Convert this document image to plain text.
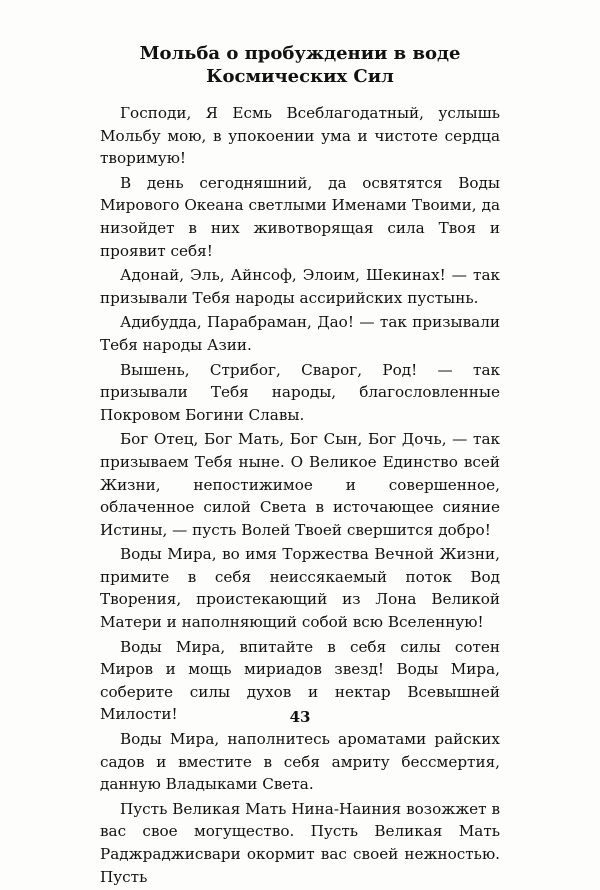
Мольба о пробуждении в воде
Космических Сил

Господи, Я Есмь Всеблагодатный, услышь Мольбу мою, в упокоении ума и чистоте сердца творимую!

В день сегодняшний, да освятятся Воды Мирового Океана светлыми Именами Твоими, да низойдет в них животворящая сила Твоя и проявит себя!

Адонай, Эль, Айнсоф, Элоим, Шекинах! — так призывали Тебя народы ассирийских пустынь.

Адибудда, Парабраман, Дао! — так призывали Тебя народы Азии.

Вышень, Стрибог, Сварог, Род! — так призывали Тебя народы, благословленные Покровом Богини Славы.

Бог Отец, Бог Мать, Бог Сын, Бог Дочь, — так призываем Тебя ныне. О Великое Единство всей Жизни, непостижимое и совершенное, облаченное силой Света в источающее сияние Истины, — пусть Волей Твоей свершится добро!

Воды Мира, во имя Торжества Вечной Жизни, примите в себя неиссякаемый поток Вод Творения, проистекающий из Лона Великой Матери и наполняющий собой всю Вселенную!

Воды Мира, впитайте в себя силы сотен Миров и мощь мириадов звезд! Воды Мира, соберите силы духов и нектар Всевышней Милости!

Воды Мира, наполнитесь ароматами райских садов и вместите в себя амриту бессмертия, данную Владыками Света.

Пусть Великая Мать Нина-Наиния возожжет в вас свое могущество. Пусть Великая Мать Раджраджисвари окормит вас своей нежностью. Пусть

43
